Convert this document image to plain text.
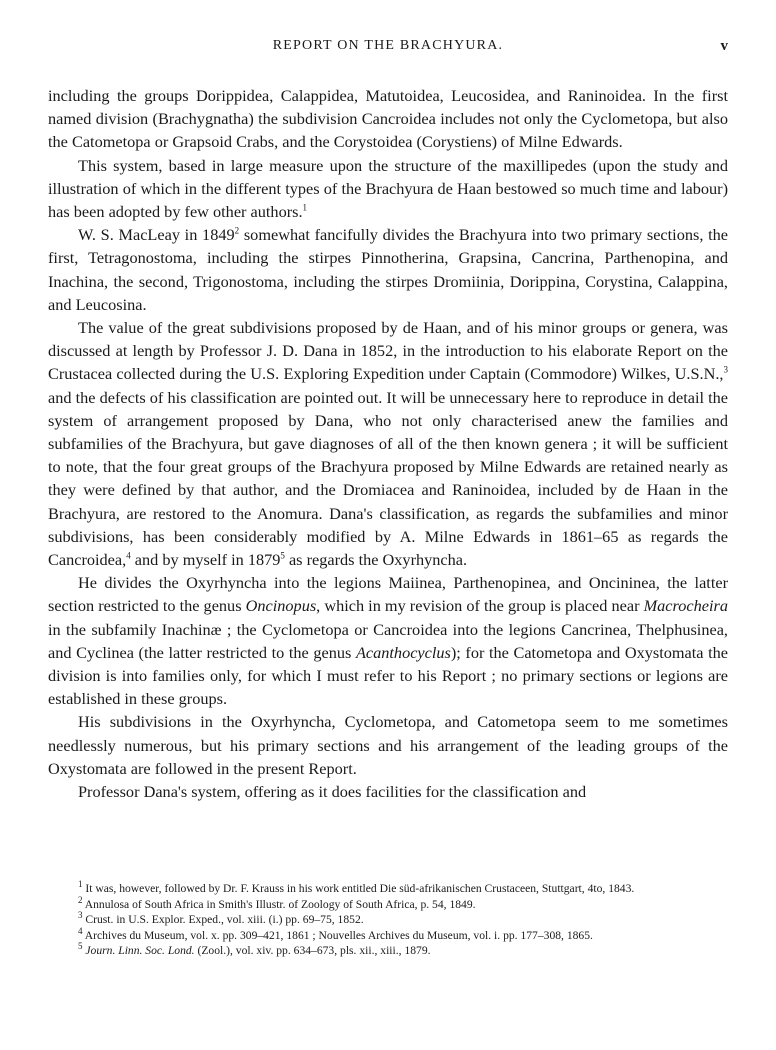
REPORT ON THE BRACHYURA.	v

including the groups Dorippidea, Calappidea, Matutoidea, Leucosidea, and Raninoidea. In the first named division (Brachygnatha) the subdivision Cancroidea includes not only the Cyclometopa, but also the Catometopa or Grapsoid Crabs, and the Corystoidea (Corystiens) of Milne Edwards.

This system, based in large measure upon the structure of the maxillipedes (upon the study and illustration of which in the different types of the Brachyura de Haan bestowed so much time and labour) has been adopted by few other authors.$^1$

W. S. MacLeay in 1849$^2$ somewhat fancifully divides the Brachyura into two primary sections, the first, Tetragonostoma, including the stirpes Pinnotherina, Grapsina, Cancrina, Parthenopina, and Inachina, the second, Trigonostoma, including the stirpes Dromiinia, Dorippina, Corystina, Calappina, and Leucosina.

The value of the great subdivisions proposed by de Haan, and of his minor groups or genera, was discussed at length by Professor J. D. Dana in 1852, in the introduction to his elaborate Report on the Crustacea collected during the U.S. Exploring Expedition under Captain (Commodore) Wilkes, U.S.N.,$^3$ and the defects of his classification are pointed out. It will be unnecessary here to reproduce in detail the system of arrangement proposed by Dana, who not only characterised anew the families and subfamilies of the Brachyura, but gave diagnoses of all of the then known genera ; it will be sufficient to note, that the four great groups of the Brachyura proposed by Milne Edwards are retained nearly as they were defined by that author, and the Dromiacea and Raninoidea, included by de Haan in the Brachyura, are restored to the Anomura. Dana's classification, as regards the subfamilies and minor subdivisions, has been considerably modified by A. Milne Edwards in 1861–65 as regards the Cancroidea,$^4$ and by myself in 1879$^5$ as regards the Oxyrhyncha.

He divides the Oxyrhyncha into the legions Maiinea, Parthenopinea, and Oncininea, the latter section restricted to the genus Oncinopus, which in my revision of the group is placed near Macrocheira in the subfamily Inachinæ ; the Cyclometopa or Cancroidea into the legions Cancrinea, Thelphusinea, and Cyclinea (the latter restricted to the genus Acanthocyclus); for the Catometopa and Oxystomata the division is into families only, for which I must refer to his Report ; no primary sections or legions are established in these groups.

His subdivisions in the Oxyrhyncha, Cyclometopa, and Catometopa seem to me sometimes needlessly numerous, but his primary sections and his arrangement of the leading groups of the Oxystomata are followed in the present Report.

Professor Dana's system, offering as it does facilities for the classification and

$^1$ It was, however, followed by Dr. F. Krauss in his work entitled Die süd-afrikanischen Crustaceen, Stuttgart, 4to, 1843.

$^2$ Annulosa of South Africa in Smith's Illustr. of Zoology of South Africa, p. 54, 1849.

$^3$ Crust. in U.S. Explor. Exped., vol. xiii. (i.) pp. 69–75, 1852.

$^4$ Archives du Museum, vol. x. pp. 309–421, 1861 ; Nouvelles Archives du Museum, vol. i. pp. 177–308, 1865.

$^5$ Journ. Linn. Soc. Lond. (Zool.), vol. xiv. pp. 634–673, pls. xii., xiii., 1879.
